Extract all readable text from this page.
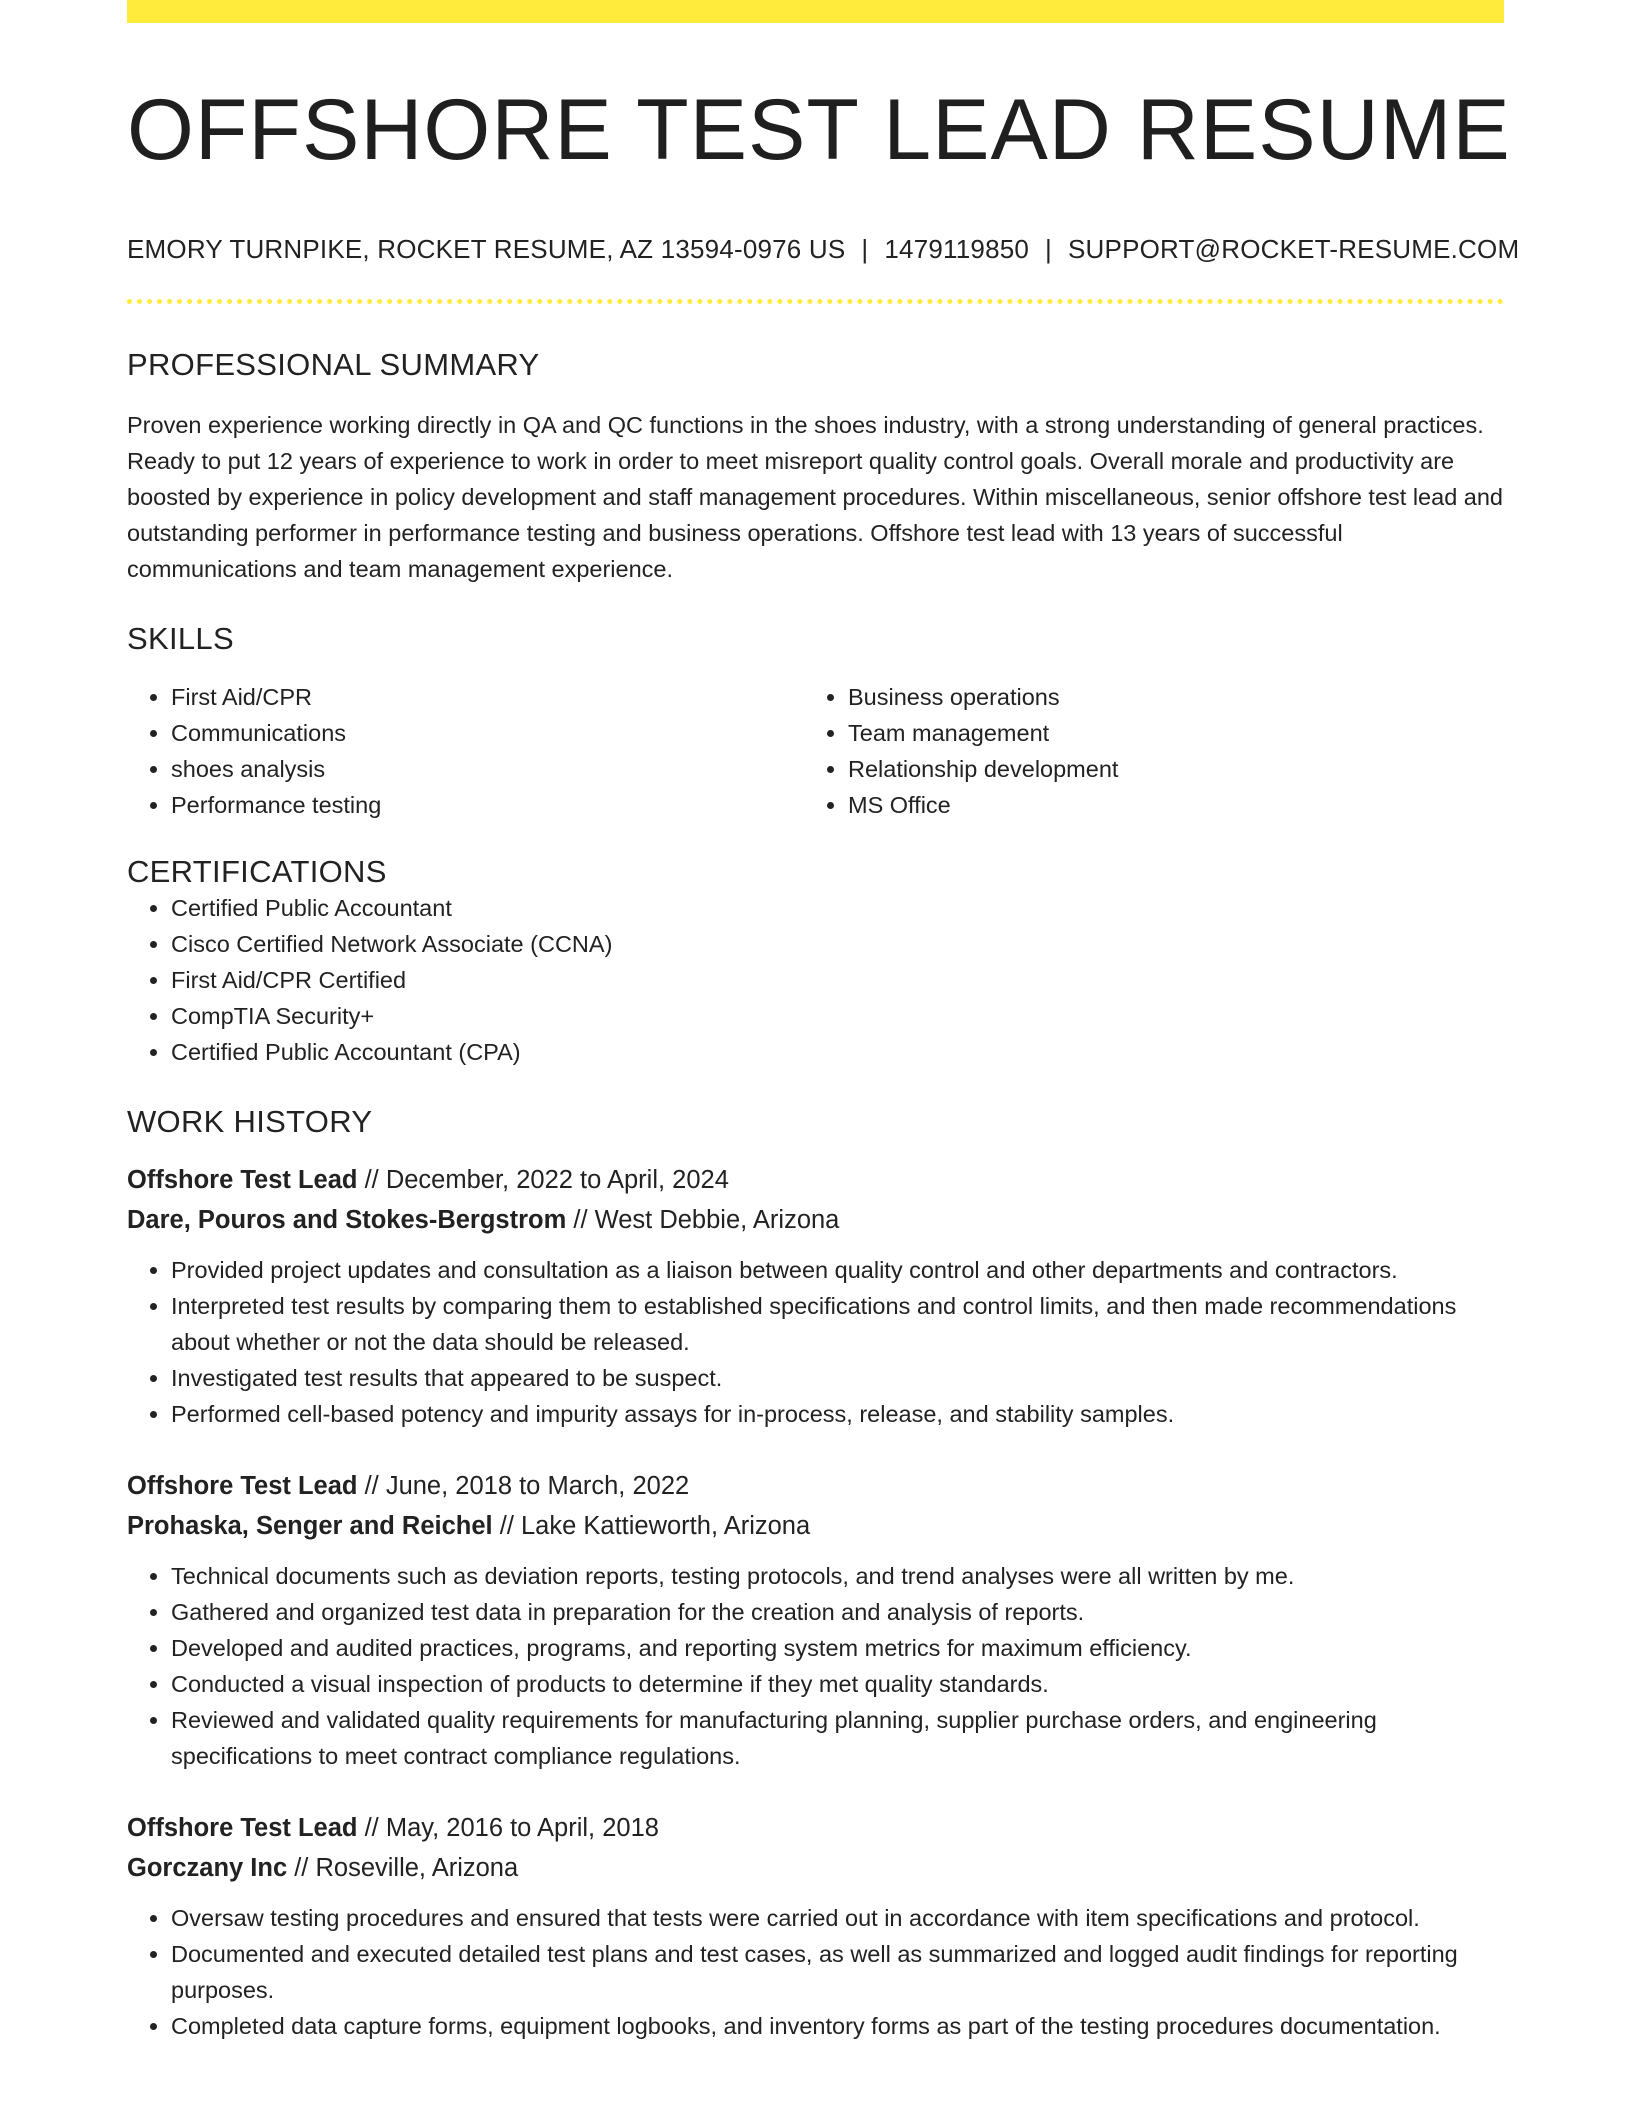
OFFSHORE TEST LEAD RESUME
EMORY TURNPIKE, ROCKET RESUME, AZ 13594-0976 US | 1479119850 | SUPPORT@ROCKET-RESUME.COM
PROFESSIONAL SUMMARY
Proven experience working directly in QA and QC functions in the shoes industry, with a strong understanding of general practices. Ready to put 12 years of experience to work in order to meet misreport quality control goals. Overall morale and productivity are boosted by experience in policy development and staff management procedures. Within miscellaneous, senior offshore test lead and outstanding performer in performance testing and business operations. Offshore test lead with 13 years of successful communications and team management experience.
SKILLS
• First Aid/CPR
• Communications
• shoes analysis
• Performance testing
• Business operations
• Team management
• Relationship development
• MS Office
CERTIFICATIONS
• Certified Public Accountant
• Cisco Certified Network Associate (CCNA)
• First Aid/CPR Certified
• CompTIA Security+
• Certified Public Accountant (CPA)
WORK HISTORY
Offshore Test Lead // December, 2022 to April, 2024
Dare, Pouros and Stokes-Bergstrom // West Debbie, Arizona
• Provided project updates and consultation as a liaison between quality control and other departments and contractors.
• Interpreted test results by comparing them to established specifications and control limits, and then made recommendations about whether or not the data should be released.
• Investigated test results that appeared to be suspect.
• Performed cell-based potency and impurity assays for in-process, release, and stability samples.
Offshore Test Lead // June, 2018 to March, 2022
Prohaska, Senger and Reichel // Lake Kattieworth, Arizona
• Technical documents such as deviation reports, testing protocols, and trend analyses were all written by me.
• Gathered and organized test data in preparation for the creation and analysis of reports.
• Developed and audited practices, programs, and reporting system metrics for maximum efficiency.
• Conducted a visual inspection of products to determine if they met quality standards.
• Reviewed and validated quality requirements for manufacturing planning, supplier purchase orders, and engineering specifications to meet contract compliance regulations.
Offshore Test Lead // May, 2016 to April, 2018
Gorczany Inc // Roseville, Arizona
• Oversaw testing procedures and ensured that tests were carried out in accordance with item specifications and protocol.
• Documented and executed detailed test plans and test cases, as well as summarized and logged audit findings for reporting purposes.
• Completed data capture forms, equipment logbooks, and inventory forms as part of the testing procedures documentation.
